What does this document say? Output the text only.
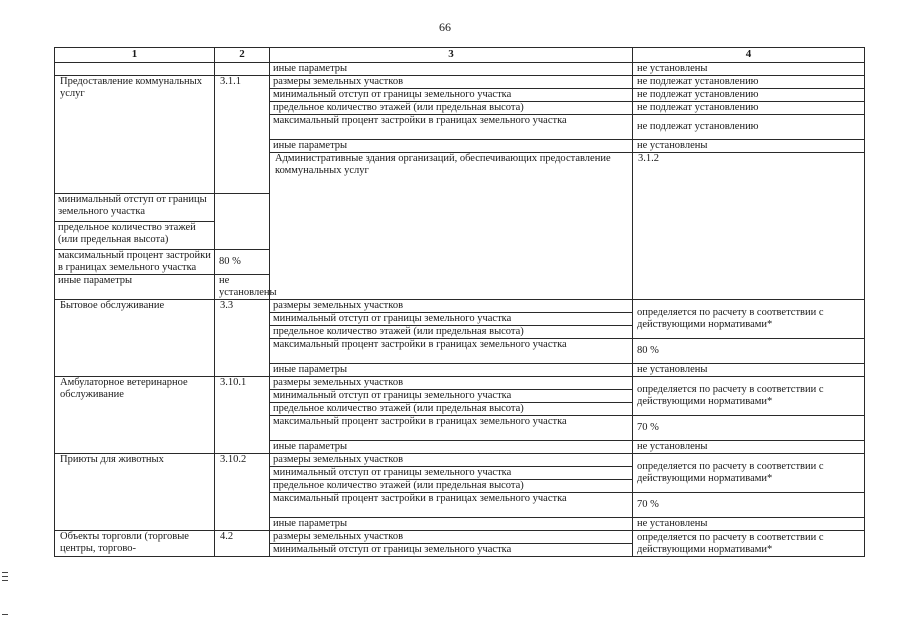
66
1	2	3	4	
		иные параметры	не установлены	
Предоставление коммунальных услуг	3.1.1	размеры земельных участков	не подлежат установлению	
		минимальный отступ от границы земельного участка	не подлежат установлению	
		предельное количество этажей (или предельная высота)	не подлежат установлению	
		максимальный процент застройки в границах земельного участка	не подлежат установлению	
		иные параметры	не установлены	
		Административные здания организаций, обеспечивающих предоставление коммунальных услуг	3.1.2		
минимальный отступ от границы земельного участка				
предельное количество этажей (или предельная высота)				
максимальный процент застройки в границах земельного участка	80 %			
иные параметры	не установлены			
Бытовое обслуживание	3.3	размеры земельных участков	определяется по расчету в соответствии с действующими нормативами*	
		минимальный отступ от границы земельного участка		
		предельное количество этажей (или предельная высота)		
		максимальный процент застройки в границах земельного участка	80 %	
		иные параметры	не установлены	
Амбулаторное ветеринарное обслуживание	3.10.1	размеры земельных участков	определяется по расчету в соответствии с действующими нормативами*	
		минимальный отступ от границы земельного участка		
		предельное количество этажей (или предельная высота)		
		максимальный процент застройки в границах земельного участка	70 %	
		иные параметры	не установлены	
Приюты для животных	3.10.2	размеры земельных участков	определяется по расчету в соответствии с действующими нормативами*	
		минимальный отступ от границы земельного участка		
		предельное количество этажей (или предельная высота)		
		максимальный процент застройки в границах земельного участка	70 %	
		иные параметры	не установлены	
Объекты торговли (торговые центры, торгово-	4.2	размеры земельных участков	определяется по расчету в соответствии с действующими нормативами*	
		минимальный отступ от границы земельного участка		
